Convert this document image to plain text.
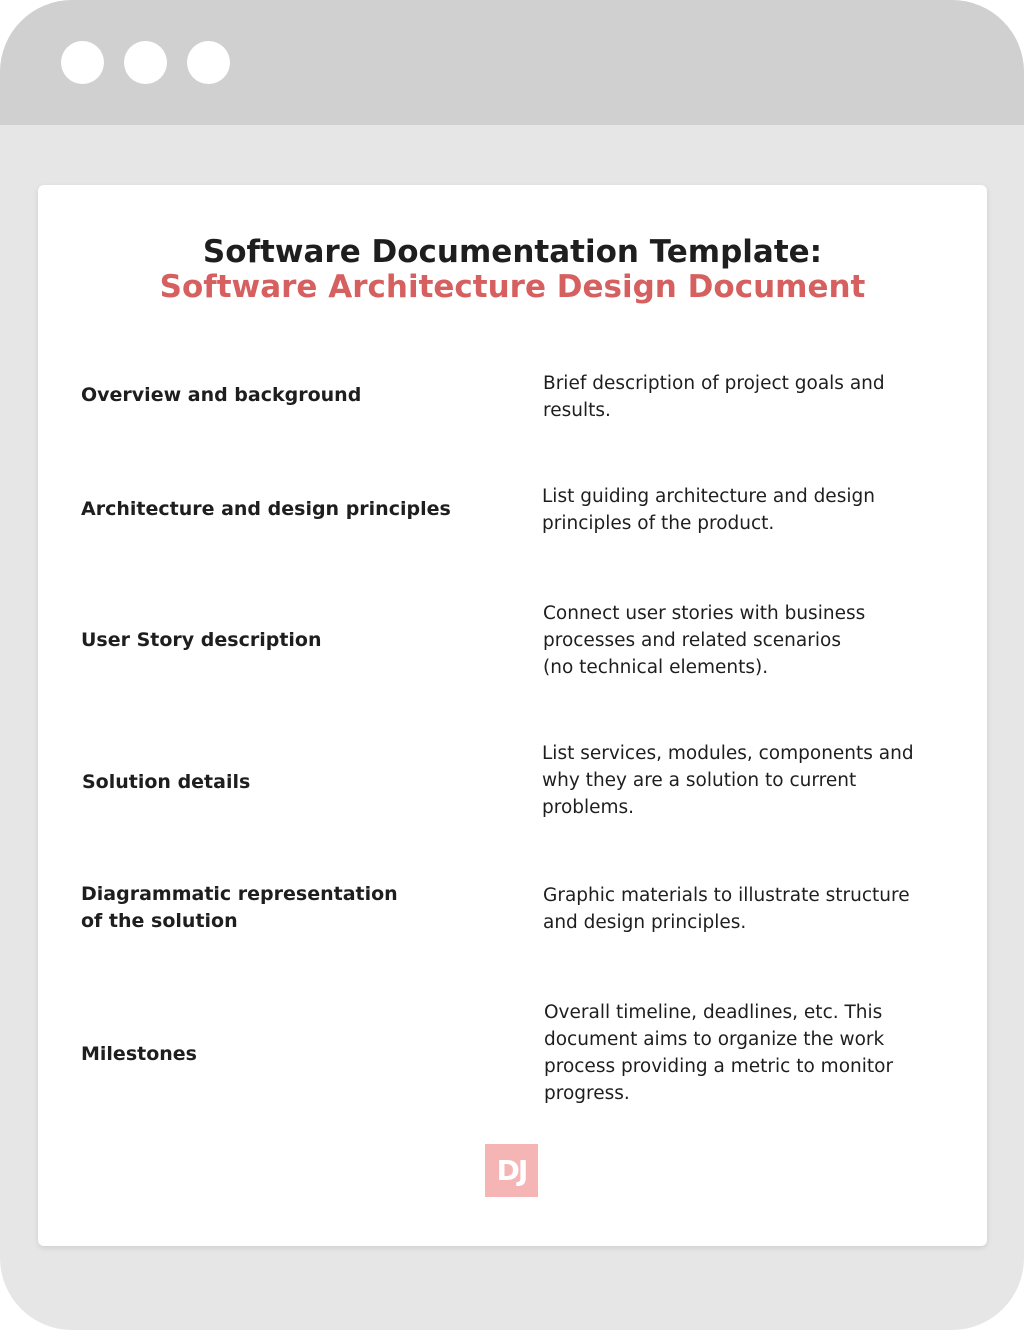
Software Documentation Template:
Software Architecture Design Document
Overview and background
Brief description of project goals and
results.
Architecture and design principles
List guiding architecture and design
principles of the product.
User Story description
Connect user stories with business
processes and related scenarios
(no technical elements).
Solution details
List services, modules, components and
why they are a solution to current
problems.
Diagrammatic representation
of the solution
Graphic materials to illustrate structure
and design principles.
Milestones
Overall timeline, deadlines, etc. This
document aims to organize the work
process providing a metric to monitor
progress.
DJ
